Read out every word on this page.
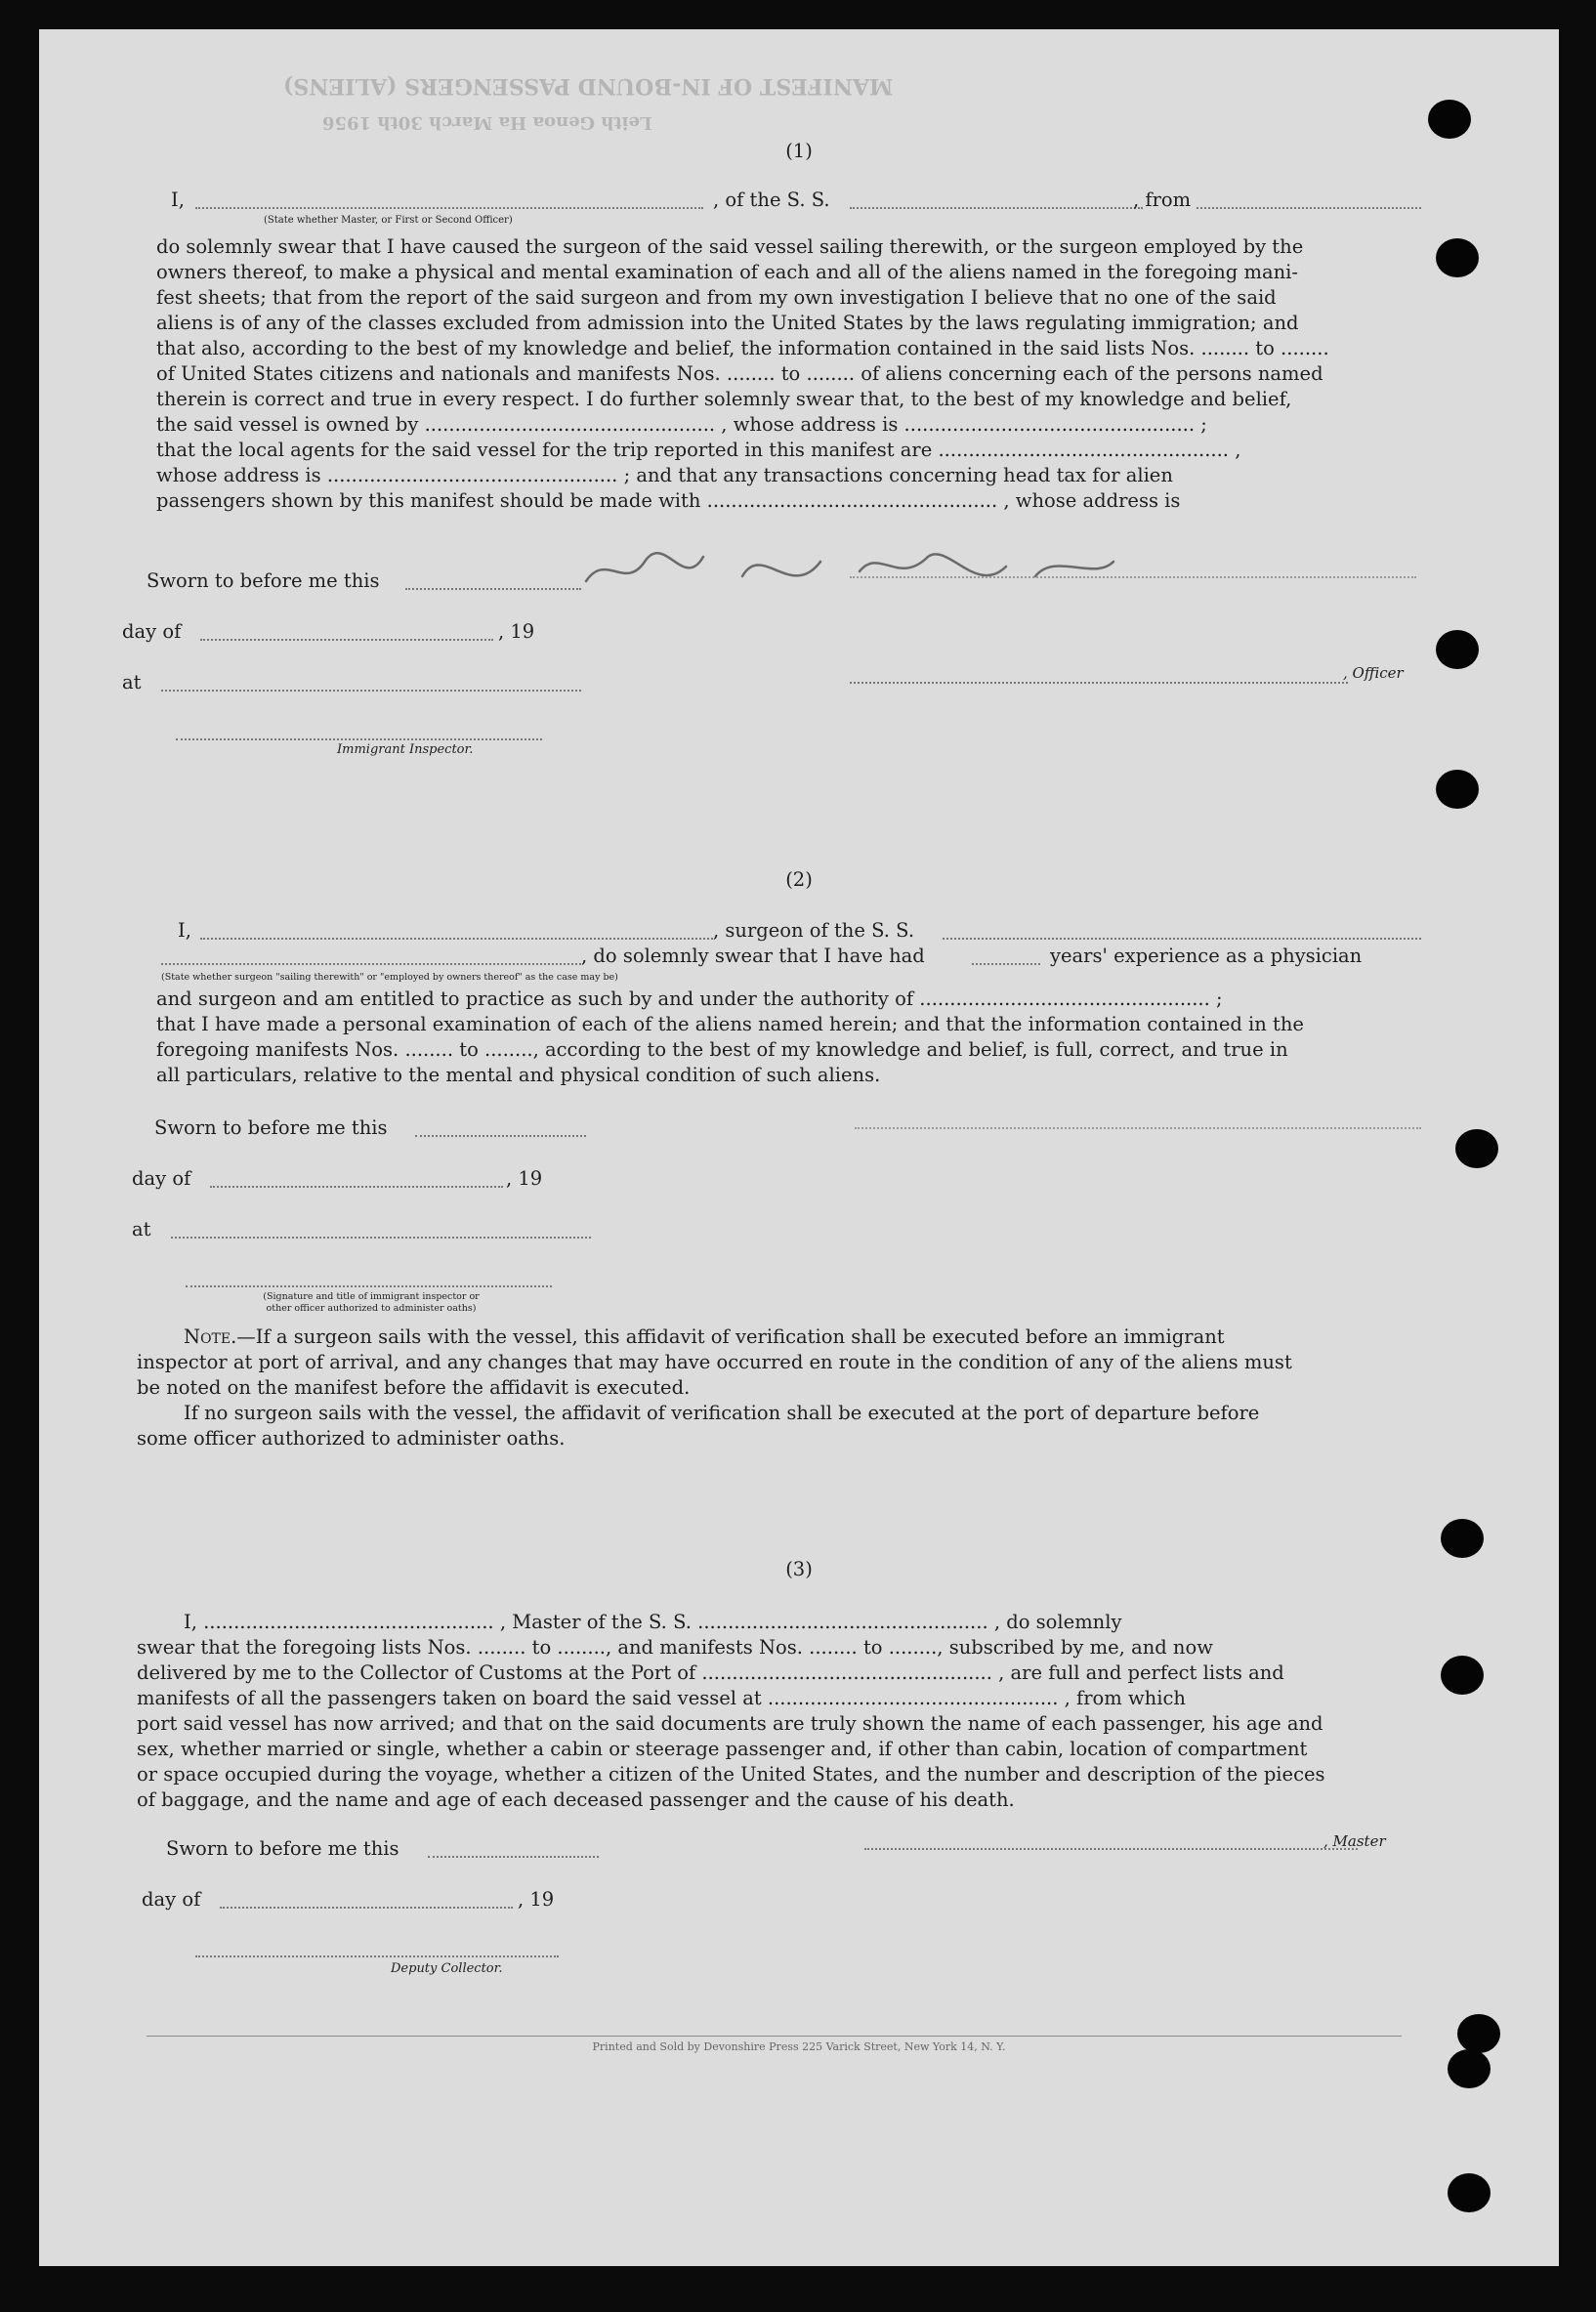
MANIFEST OF IN-BOUND PASSENGERS (ALIENS)
Leith Genoa Ha March 30th 1956
(1)
I,	, of the S. S.	, from
(State whether Master, or First or Second Officer)
do solemnly swear that I have caused the surgeon of the said vessel sailing therewith, or the surgeon employed by the
owners thereof, to make a physical and mental examination of each and all of the aliens named in the foregoing mani-
fest sheets; that from the report of the said surgeon and from my own investigation I believe that no one of the said
aliens is of any of the classes excluded from admission into the United States by the laws regulating immigration; and
that also, according to the best of my knowledge and belief, the information contained in the said lists Nos. ........ to ........
of United States citizens and nationals and manifests Nos. ........ to ........ of aliens concerning each of the persons named
therein is correct and true in every respect. I do further solemnly swear that, to the best of my knowledge and belief,
the said vessel is owned by ................................................ , whose address is ................................................ ;
that the local agents for the said vessel for the trip reported in this manifest are ................................................ ,
whose address is ................................................ ; and that any transactions concerning head tax for alien
passengers shown by this manifest should be made with ................................................ , whose address is
Sworn to before me this
day of	, 19
at	, Officer
Immigrant Inspector.
(2)
I,	, surgeon of the S. S.
, do solemnly swear that I have had	years' experience as a physician
(State whether surgeon "sailing therewith" or "employed by owners thereof" as the case may be)
and surgeon and am entitled to practice as such by and under the authority of ................................................ ;
that I have made a personal examination of each of the aliens named herein; and that the information contained in the
foregoing manifests Nos. ........ to ........, according to the best of my knowledge and belief, is full, correct, and true in
all particulars, relative to the mental and physical condition of such aliens.
Sworn to before me this
day of	, 19
at
(Signature and title of immigrant inspector or
other officer authorized to administer oaths)
Note.—If a surgeon sails with the vessel, this affidavit of verification shall be executed before an immigrant
inspector at port of arrival, and any changes that may have occurred en route in the condition of any of the aliens must
be noted on the manifest before the affidavit is executed.
If no surgeon sails with the vessel, the affidavit of verification shall be executed at the port of departure before
some officer authorized to administer oaths.
(3)
I, ................................................ , Master of the S. S. ................................................ , do solemnly
swear that the foregoing lists Nos. ........ to ........, and manifests Nos. ........ to ........, subscribed by me, and now
delivered by me to the Collector of Customs at the Port of ................................................ , are full and perfect lists and
manifests of all the passengers taken on board the said vessel at ................................................ , from which
port said vessel has now arrived; and that on the said documents are truly shown the name of each passenger, his age and
sex, whether married or single, whether a cabin or steerage passenger and, if other than cabin, location of compartment
or space occupied during the voyage, whether a citizen of the United States, and the number and description of the pieces
of baggage, and the name and age of each deceased passenger and the cause of his death.
Sworn to before me this	, Master
day of	, 19
Deputy Collector.
Printed and Sold by Devonshire Press 225 Varick Street, New York 14, N. Y.
